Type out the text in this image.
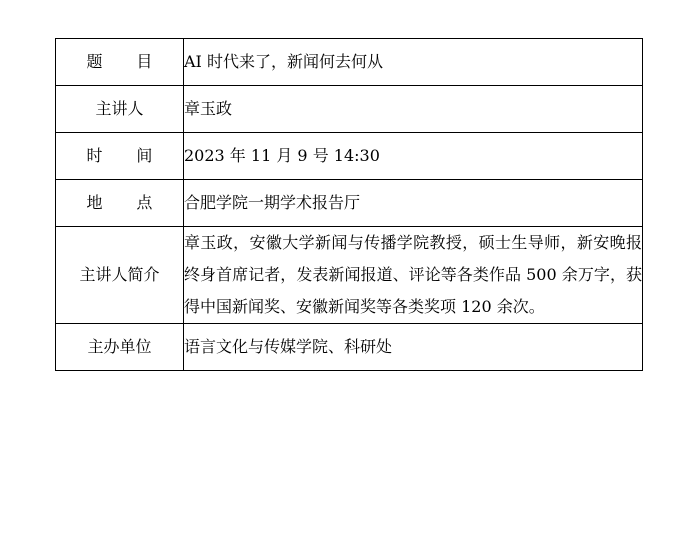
题 目	AI 时代来了，新闻何去何从
主讲人	章玉政
时 间	2023 年 11 月 9 号 14:30
地 点	合肥学院一期学术报告厅
主讲人简介	章玉政，安徽大学新闻与传播学院教授，硕士生导师，新安晚报终身首席记者，发表新闻报道、评论等各类作品 500 余万字，获得中国新闻奖、安徽新闻奖等各类奖项 120 余次。
主办单位	语言文化与传媒学院、科研处
